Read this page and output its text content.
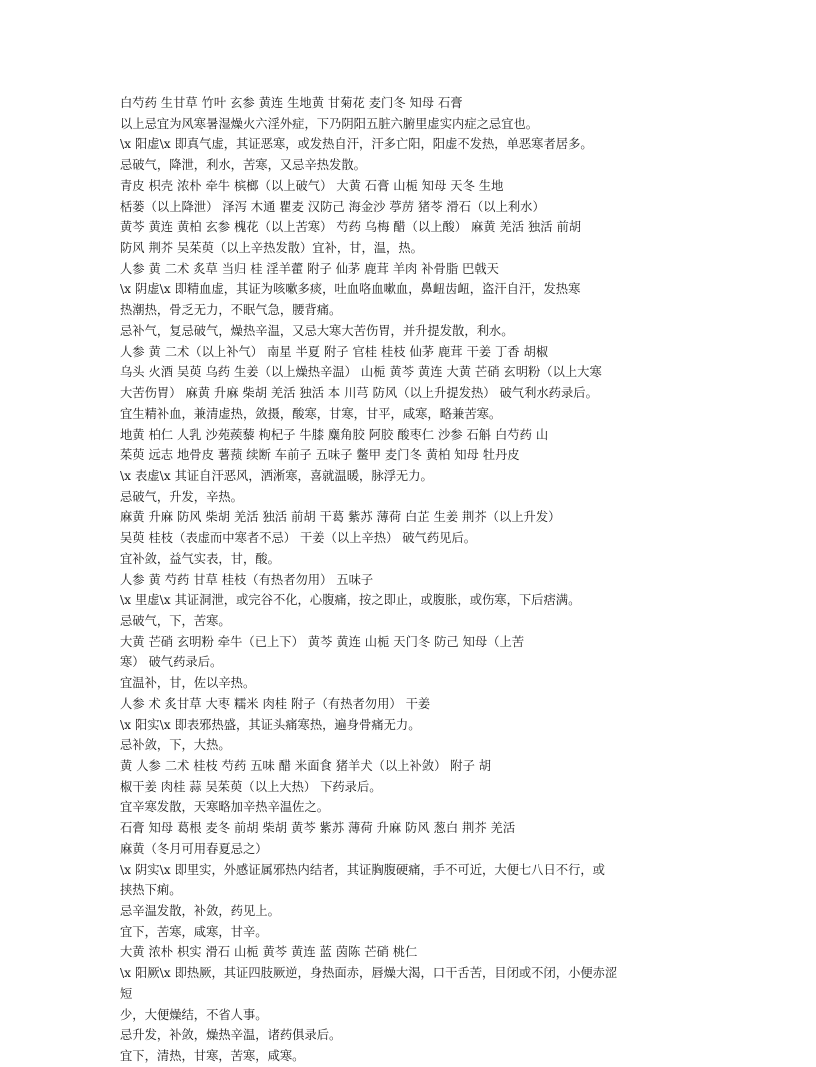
白芍药 生甘草 竹叶 玄参 黄连 生地黄 甘菊花 麦门冬 知母 石膏
以上忌宜为风寒暑湿燥火六淫外症，下乃阴阳五脏六腑里虚实内症之忌宜也。
\x 阳虚\x 即真气虚，其证恶寒，或发热自汗，汗多亡阳，阳虚不发热，单恶寒者居多。
忌破气，降泄，利水，苦寒，又忌辛热发散。
青皮 枳壳 浓朴 牵牛 槟榔（以上破气） 大黄 石膏 山栀 知母 天冬 生地
栝蒌（以上降泄） 泽泻 木通 瞿麦 汉防己 海金沙 葶苈 猪苓 滑石（以上利水）
黄芩 黄连 黄柏 玄参 槐花（以上苦寒） 芍药 乌梅 醋（以上酸） 麻黄 羌活 独活 前胡
防风 荆芥 吴茱萸（以上辛热发散）宜补，甘，温，热。
人参 黄 二术 炙草 当归 桂 淫羊藿 附子 仙茅 鹿茸 羊肉 补骨脂 巴戟天
\x 阴虚\x 即精血虚，其证为咳嗽多痰，吐血咯血嗽血，鼻衄齿衄，盗汗自汗，发热寒
热潮热，骨乏无力，不眠气急，腰背痛。
忌补气，复忌破气，燥热辛温，又忌大寒大苦伤胃，并升提发散，利水。
人参 黄 二术（以上补气） 南星 半夏 附子 官桂 桂枝 仙茅 鹿茸 干姜 丁香 胡椒
乌头 火酒 吴萸 乌药 生姜（以上燥热辛温） 山栀 黄芩 黄连 大黄 芒硝 玄明粉（以上大寒
大苦伤胃） 麻黄 升麻 柴胡 羌活 独活 本 川芎 防风（以上升提发热） 破气利水药录后。
宜生精补血，兼清虚热，敛摄，酸寒，甘寒，甘平，咸寒，略兼苦寒。
地黄 柏仁 人乳 沙苑蒺藜 枸杞子 牛膝 麋角胶 阿胶 酸枣仁 沙参 石斛 白芍药 山
茱萸 远志 地骨皮 薯蓣 续断 车前子 五味子 鳖甲 麦门冬 黄柏 知母 牡丹皮
\x 表虚\x 其证自汗恶风，洒淅寒，喜就温暖，脉浮无力。
忌破气，升发，辛热。
麻黄 升麻 防风 柴胡 羌活 独活 前胡 干葛 紫苏 薄荷 白芷 生姜 荆芥（以上升发）
吴萸 桂枝（表虚而中寒者不忌） 干姜（以上辛热） 破气药见后。
宜补敛，益气实表，甘，酸。
人参 黄 芍药 甘草 桂枝（有热者勿用） 五味子
\x 里虚\x 其证洞泄，或完谷不化，心腹痛，按之即止，或腹胀，或伤寒，下后痞满。
忌破气，下，苦寒。
大黄 芒硝 玄明粉 牵牛（已上下） 黄芩 黄连 山栀 天门冬 防己 知母（上苦
寒） 破气药录后。
宜温补，甘，佐以辛热。
人参 术 炙甘草 大枣 糯米 肉桂 附子（有热者勿用） 干姜
\x 阳实\x 即表邪热盛，其证头痛寒热，遍身骨痛无力。
忌补敛，下，大热。
黄 人参 二术 桂枝 芍药 五味 醋 米面食 猪羊犬（以上补敛） 附子 胡
椒干姜 肉桂 蒜 吴茱萸（以上大热） 下药录后。
宜辛寒发散，天寒略加辛热辛温佐之。
石膏 知母 葛根 麦冬 前胡 柴胡 黄芩 紫苏 薄荷 升麻 防风 葱白 荆芥 羌活
麻黄（冬月可用春夏忌之）
\x 阴实\x 即里实，外感证属邪热内结者，其证胸腹硬痛，手不可近，大便七八日不行，或
挟热下痢。
忌辛温发散，补敛，药见上。
宜下，苦寒，咸寒，甘辛。
大黄 浓朴 枳实 滑石 山栀 黄芩 黄连 蓝 茵陈 芒硝 桃仁
\x 阳厥\x 即热厥，其证四肢厥逆，身热面赤，唇燥大渴，口干舌苦，目闭或不闭，小便赤涩
短
少，大便燥结，不省人事。
忌升发，补敛，燥热辛温，诸药俱录后。
宜下，清热，甘寒，苦寒，咸寒。
